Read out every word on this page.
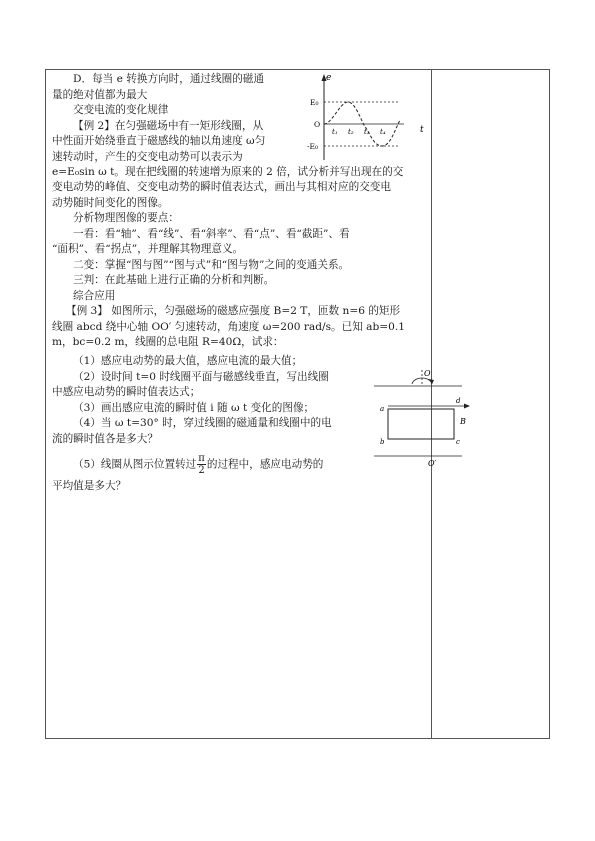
D．每当 e 转换方向时，通过线圈的磁通
量的绝对值都为最大
交变电流的变化规律
【例 2】在匀强磁场中有一矩形线圈，从
中性面开始绕垂直于磁感线的轴以角速度 ω匀
速转动时，产生的交变电动势可以表示为
e=E₀sin ω t。现在把线圈的转速增为原来的 2 倍，试分析并写出现在的交
变电动势的峰值、交变电动势的瞬时值表达式，画出与其相对应的交变电
动势随时间变化的图像。
分析物理图像的要点：
一看：看“轴”、看“线”、看“斜率”、看“点”、看“截距”、看
“面积”、看“拐点”，并理解其物理意义。
二变：掌握“图与图”“图与式”和“图与物”之间的变通关系。
三判：在此基础上进行正确的分析和判断。
综合应用
【例 3】 如图所示，匀强磁场的磁感应强度 B=2 T，匝数 n=6 的矩形
线圈 abcd 绕中心轴 OO′ 匀速转动，角速度 ω=200 rad/s。已知 ab=0.1
m，bc=0.2 m，线圈的总电阻 R=40Ω，试求：
（1）感应电动势的最大值，感应电流的最大值；
（2）设时间 t=0 时线圈平面与磁感线垂直，写出线圈
中感应电动势的瞬时值表达式；
（3）画出感应电流的瞬时值 i 随 ω t 变化的图像；
（4）当 ω t=30° 时，穿过线圈的磁通量和线圈中的电
流的瞬时值各是多大？
（5）线圈从图示位置转过 $\frac{\pi}{2}$ 的过程中，感应电动势的
平均值是多大？
e
t
E₀
-E₀
O
t₁ t₂ t₃ t₄
O
O′
a
b	c
d
B
